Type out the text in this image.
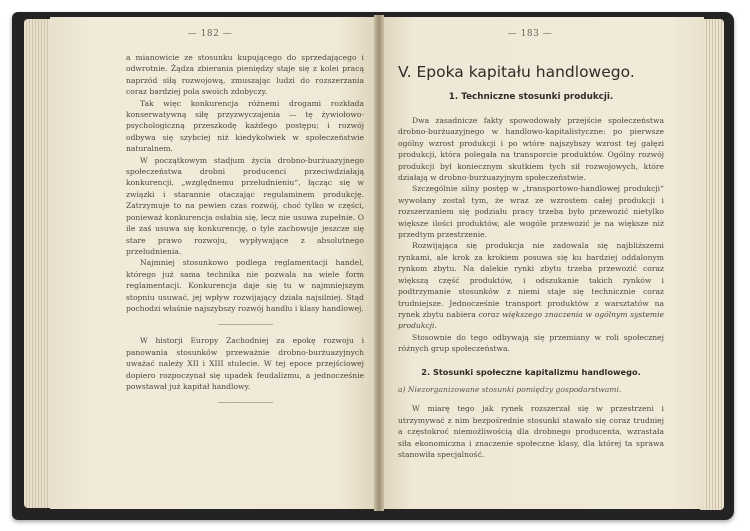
— 182 —	— 183 —

a mianowicie ze stosunku kupującego do sprzedającego i odwrotnie. Żądza zbierania pieniędzy staje się z kolei pracą naprzód siłą rozwojową, zmuszając ludzi do rozszerzania coraz bardziej pola swoich zdobyczy.

Tak więc konkurencja różnemi drogami rozkłada konserwatywną siłę przyzwyczajenia — tę żywiołowo-psychologiczną przeszkodę każdego postępu; i rozwój odbywa się szybciej niż kiedykolwiek w społeczeństwie naturalnem.

W początkowym stadjum życia drobno-burżuazyjnego społeczeństwa drobni producenci przeciwdziałają konkurencji, „względnemu przeludnieniu“, łącząc się w związki i starannie otaczając regulaminem produkcję. Zatrzymuje to na pewien czas rozwój, choć tylko w części, ponieważ konkurencja osłabia się, lecz nie usuwa zupełnie. O ile zaś usuwa się konkurencję, o tyle zachowuje jeszcze się stare prawo rozwoju, wypływające z absolutnego przeludnienia.

Najmniej stosunkowo podlega reglamentacji handel, którego już sama technika nie pozwala na wiele form reglamentacji. Konkurencja daje się tu w najmniejszym stopniu usuwać, jej wpływ rozwijający działa najsilniej. Stąd pochodzi właśnie najszybszy rozwój handlu i klasy handlowej.

W historji Europy Zachodniej za epokę rozwoju i panowania stosunków przeważnie drobno-burżuazyjnych uważać należy XII i XIII stulecie. W tej epoce przejściowej dopiero rozpoczynał się upadek feudalizmu, a jednocześnie powstawał już kapitał handlowy.

V. Epoka kapitału handlowego.
1. Techniczne stosunki produkcji.

Dwa zasadnicze fakty spowodowały przejście społeczeństwa drobno-burżuazyjnego w handlowo-kapitalistyczne: po pierwsze ogólny wzrost produkcji i po wtóre najszybszy wzrost tej gałęzi produkcji, która polegała na transporcie produktów. Ogólny rozwój produkcji był koniecznym skutkiem tych sił rozwojowych, które działają w drobno-burżuazyjnym społeczeństwie.

Szczególnie silny postęp w „transportowo-handlowej produkcji“ wywołany został tym, że wraz ze wzrostem całej produkcji i rozszerzaniem się podziału pracy trzeba było przewozić nietylko większe ilości produktów, ale wogóle przewozić je na większe niż przedtym przestrzenie.

Rozwijająca się produkcja nie zadowala się najbliższemi rynkami, ale krok za krokiem posuwa się ku bardziej oddalonym rynkom zbytu. Na dalekie rynki zbytu trzeba przewozić coraz większą część produktów, i odszukanie takich rynków i podtrzymanie stosunków z niemi staje się technicznie coraz trudniejsze. Jednocześnie transport produktów z warsztatów na rynek zbytu nabiera coraz większego znaczenia w ogólnym systemie produkcji.

Stosownie do tego odbywają się przemiany w roli społecznej różnych grup społeczeństwa.

2. Stosunki społeczne kapitalizmu handlowego.
a) Niezorganizowane stosunki pomiędzy gospodarstwami.

W miarę tego jak rynek rozszerzał się w przestrzeni i utrzymywać z nim bezpośrednie stosunki stawało się coraz trudniej a częstokroć niemożliwością dla drobnego producenta, wzrastała siła ekonomiczna i znaczenie społeczne klasy, dla której ta sprawa stanowiła specjalność.
